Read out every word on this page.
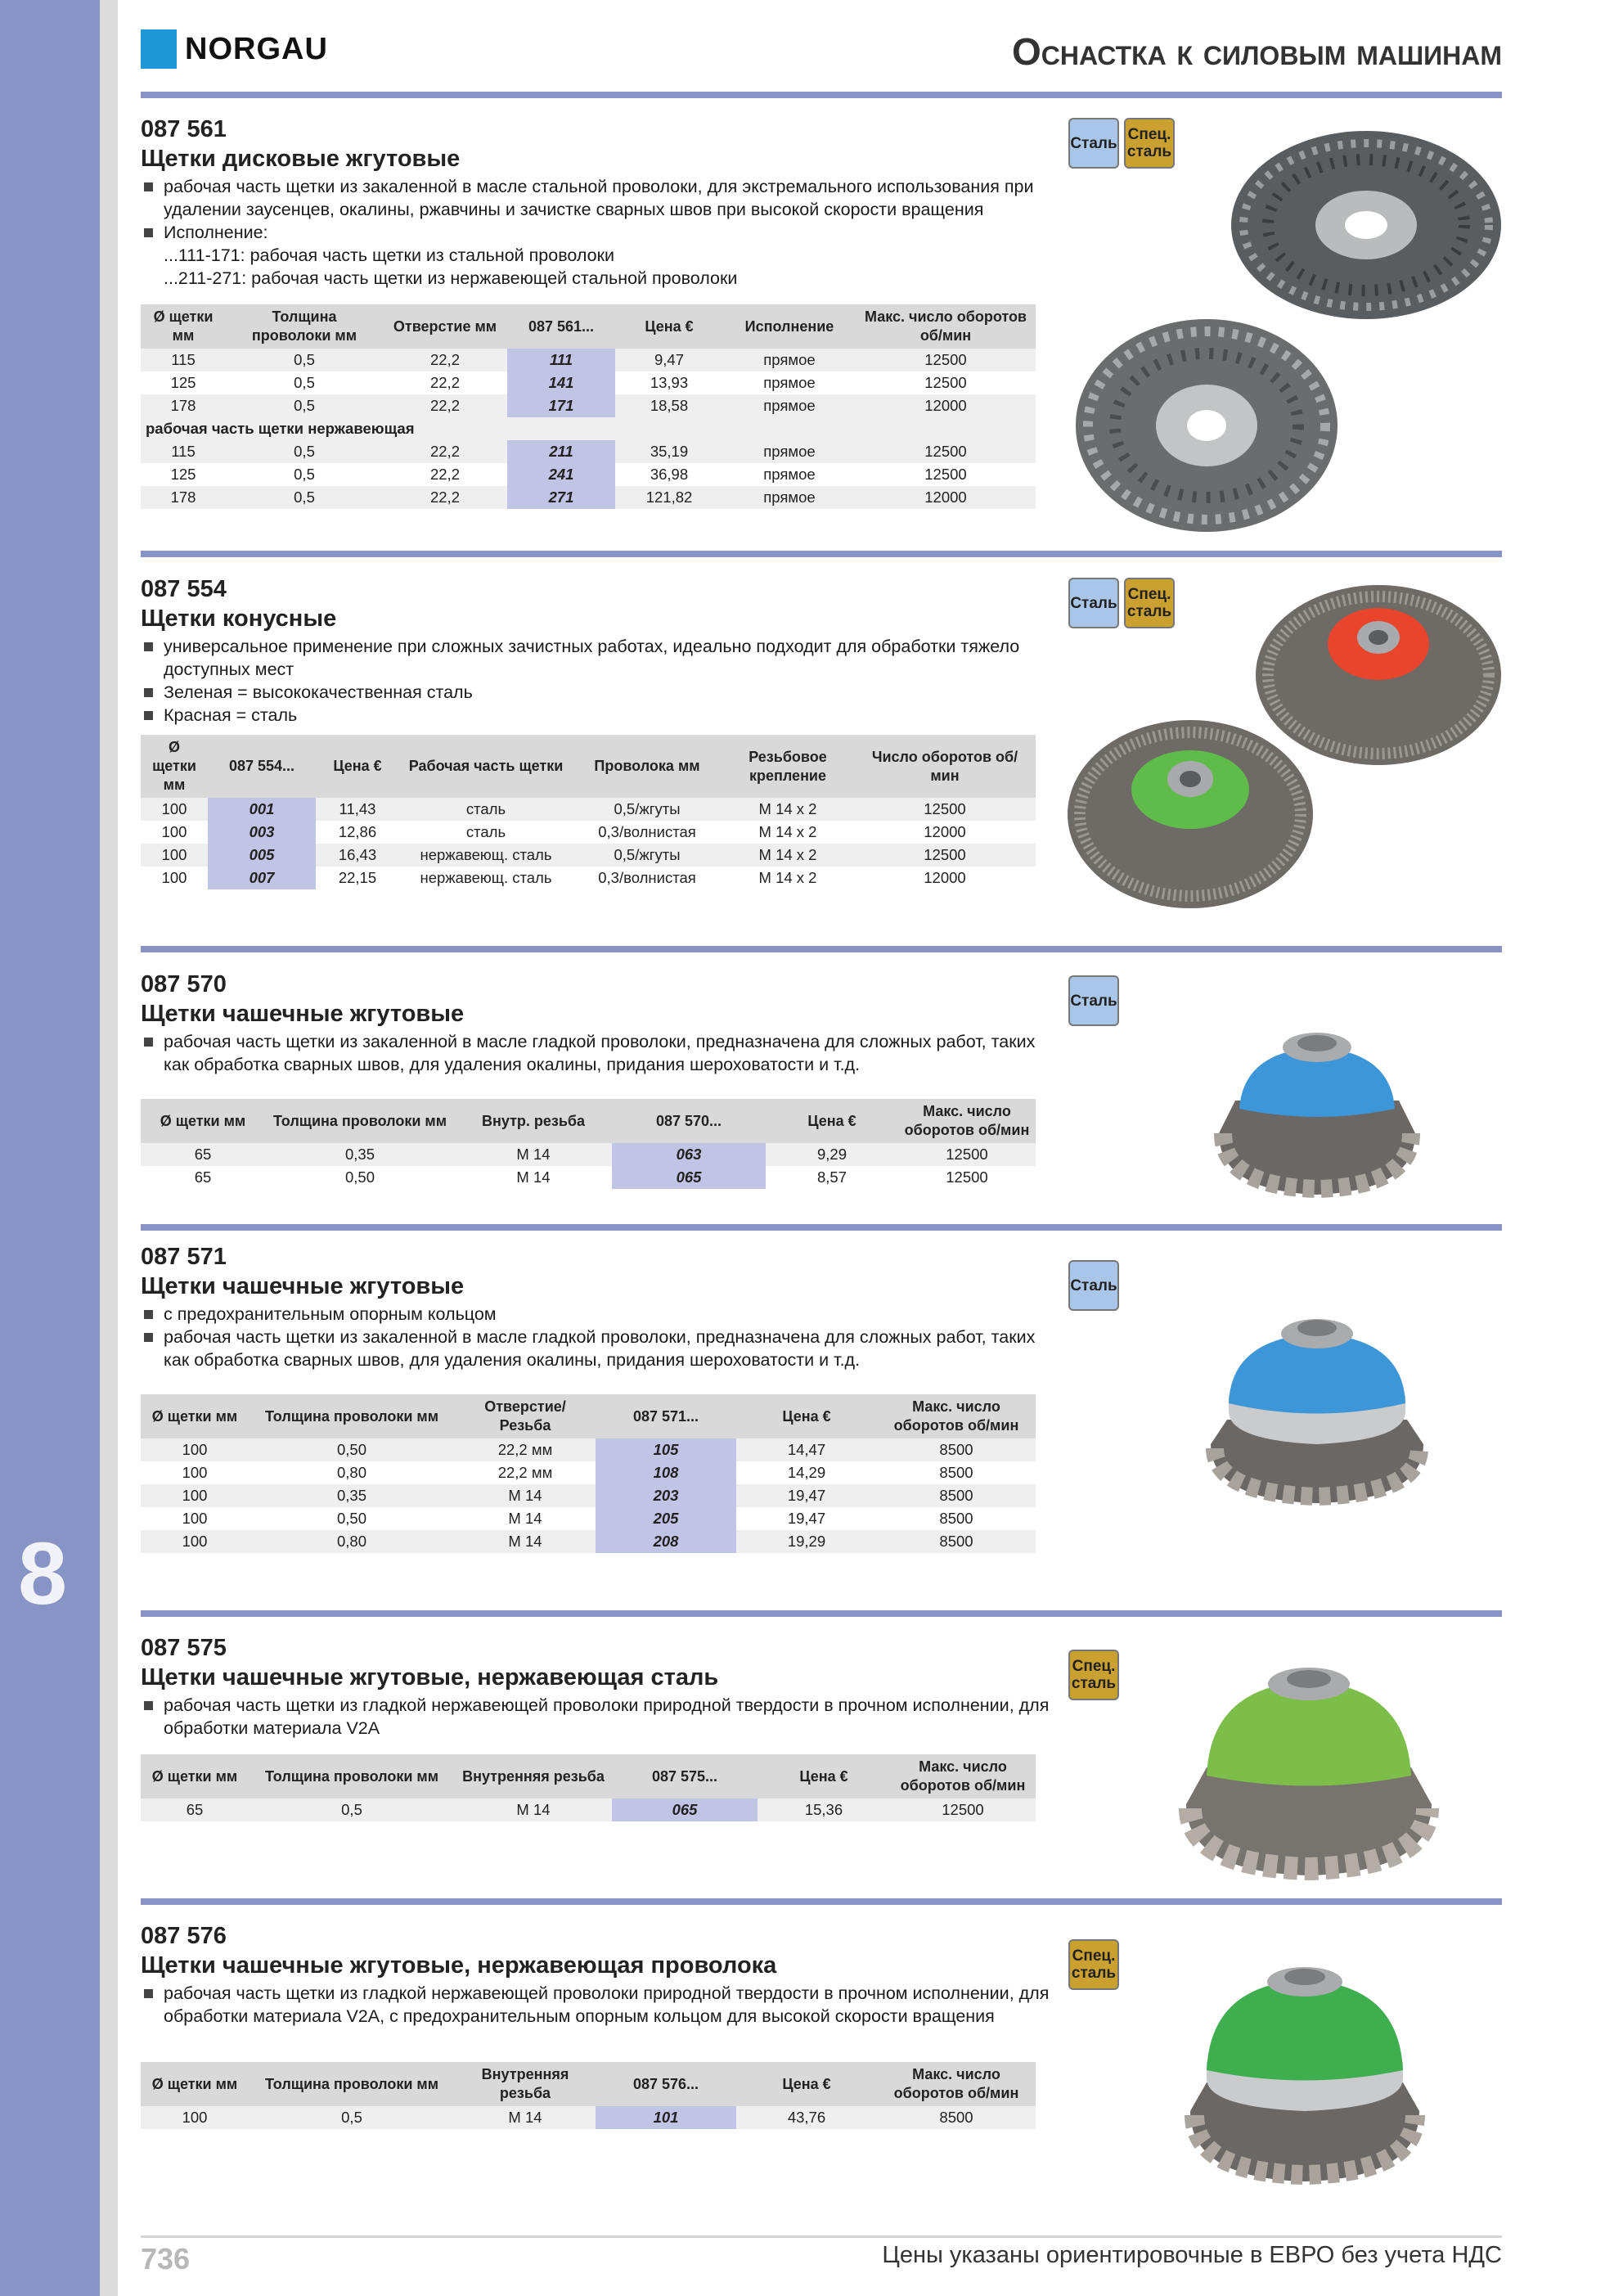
8
NORGAU	Оснастка к силовым машинам

087 561

Щетки дисковые жгутовые

рабочая часть щетки из закаленной в масле стальной проволоки, для экстремального использования при удалении заусенцев, окалины, ржавчины и зачистке сварных швов при высокой скорости вращения
Исполнение:
...111-171: рабочая часть щетки из стальной проволоки
...211-271: рабочая часть щетки из нержавеющей стальной проволоки
Ø щетки мм	Толщина проволоки мм	Отверстие мм	087 561...	Цена €	Исполнение	Макс. число оборотов об/мин
115	0,5	22,2	111	9,47	прямое	12500
125	0,5	22,2	141	13,93	прямое	12500
178	0,5	22,2	171	18,58	прямое	12000
рабочая часть щетки нержавеющая						
115	0,5	22,2	211	35,19	прямое	12500
125	0,5	22,2	241	36,98	прямое	12500
178	0,5	22,2	271	121,82	прямое	12000
Сталь Спец.
сталь

087 554

Щетки конусные

универсальное применение при сложных зачистных работах, идеально подходит для обработки тяжело доступных мест
Зеленая = высококачественная сталь
Красная = сталь
Ø щетки мм	087 554...	Цена €	Рабочая часть щетки	Проволока мм	Резьбовое крепление	Число оборотов об/мин
100	001	11,43	сталь	0,5/жгуты	M 14 x 2	12500
100	003	12,86	сталь	0,3/волнистая	M 14 x 2	12000
100	005	16,43	нержавеющ. сталь	0,5/жгуты	M 14 x 2	12500
100	007	22,15	нержавеющ. сталь	0,3/волнистая	M 14 x 2	12000
Сталь Спец.
сталь

087 570

Щетки чашечные жгутовые

рабочая часть щетки из закаленной в масле гладкой проволоки, предназначена для сложных работ, таких как обработка сварных швов, для удаления окалины, придания шероховатости и т.д.
Ø щетки мм	Толщина проволоки мм	Внутр. резьба	087 570...	Цена €	Макс. число оборотов об/мин
65	0,35	M 14	063	9,29	12500
65	0,50	M 14	065	8,57	12500
Сталь

087 571

Щетки чашечные жгутовые

с предохранительным опорным кольцом
рабочая часть щетки из закаленной в масле гладкой проволоки, предназначена для сложных работ, таких как обработка сварных швов, для удаления окалины, придания шероховатости и т.д.
Ø щетки мм	Толщина проволоки мм	Отверстие/ Резьба	087 571...	Цена €	Макс. число оборотов об/мин
100	0,50	22,2 мм	105	14,47	8500
100	0,80	22,2 мм	108	14,29	8500
100	0,35	M 14	203	19,47	8500
100	0,50	M 14	205	19,47	8500
100	0,80	M 14	208	19,29	8500
Сталь

087 575

Щетки чашечные жгутовые, нержавеющая сталь

рабочая часть щетки из гладкой нержавеющей проволоки природной твердости в прочном исполнении, для обработки материала V2A
Ø щетки мм	Толщина проволоки мм	Внутренняя резьба	087 575...	Цена €	Макс. число оборотов об/мин
65	0,5	M 14	065	15,36	12500
Спец.
сталь

087 576

Щетки чашечные жгутовые, нержавеющая проволока

рабочая часть щетки из гладкой нержавеющей проволоки природной твердости в прочном исполнении, для обработки материала V2A, с предохранительным опорным кольцом для высокой скорости вращения
Ø щетки мм	Толщина проволоки мм	Внутренняя резьба	087 576...	Цена €	Макс. число оборотов об/мин
100	0,5	M 14	101	43,76	8500
Спец.
сталь
736	Цены указаны ориентировочные в ЕВРО без учета НДС
